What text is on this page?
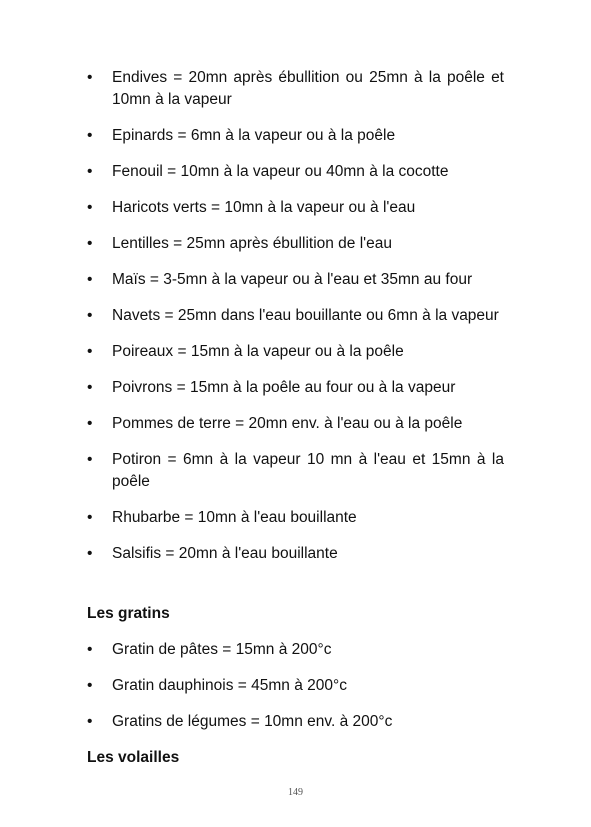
• Endives = 20mn après ébullition ou 25mn à la poêle et 10mn à la vapeur
• Epinards = 6mn à la vapeur ou à la poêle
• Fenouil = 10mn à la vapeur ou 40mn à la cocotte
• Haricots verts = 10mn à la vapeur ou à l'eau
• Lentilles = 25mn après ébullition de l'eau
• Maïs = 3-5mn à la vapeur ou à l'eau et 35mn au four
• Navets = 25mn dans l'eau bouillante ou 6mn à la vapeur
• Poireaux = 15mn à la vapeur ou à la poêle
• Poivrons = 15mn à la poêle au four ou à la vapeur
• Pommes de terre = 20mn env. à l'eau ou à la poêle
• Potiron = 6mn à la vapeur 10 mn à l'eau et 15mn à la poêle
• Rhubarbe = 10mn à l'eau bouillante
• Salsifis = 20mn à l'eau bouillante
Les gratins
• Gratin de pâtes = 15mn à 200°c
• Gratin dauphinois = 45mn à 200°c
• Gratins de légumes = 10mn env. à 200°c
Les volailles
149
